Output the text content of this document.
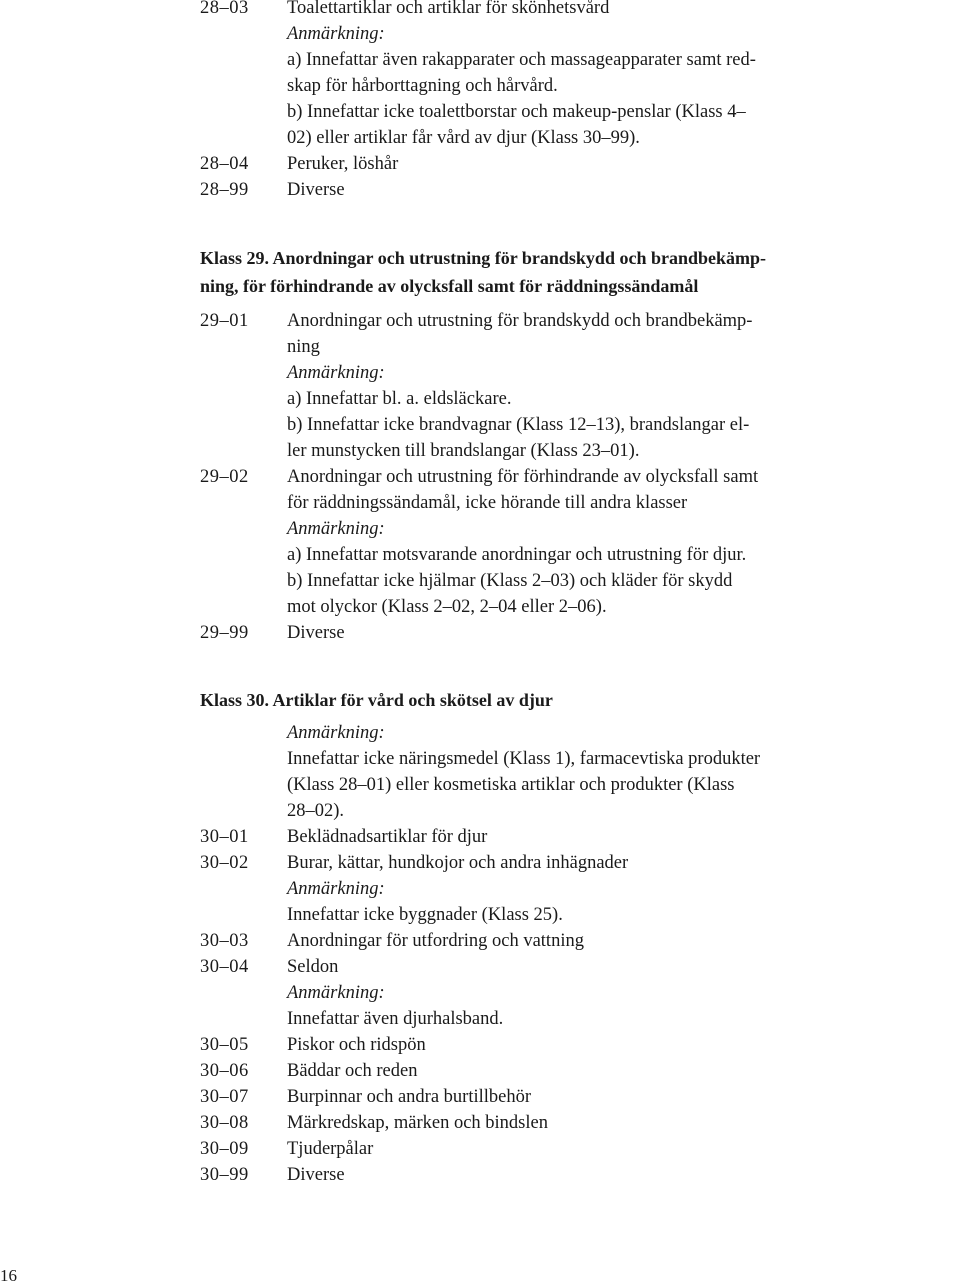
28–03 Toalettartiklar och artiklar för skönhetsvård
Anmärkning:
a) Innefattar även rakapparater och massageapparater samt red-
skap för hårborttagning och hårvård.
b) Innefattar icke toalettborstar och makeup-penslar (Klass 4–
02) eller artiklar får vård av djur (Klass 30–99).
28–04 Peruker, löshår
28–99 Diverse
Klass 29. Anordningar och utrustning för brandskydd och brandbekämp-
ning, för förhindrande av olycksfall samt för räddningssändamål
29–01 Anordningar och utrustning för brandskydd och brandbekämp-
ning
Anmärkning:
a) Innefattar bl. a. eldsläckare.
b) Innefattar icke brandvagnar (Klass 12–13), brandslangar el-
ler munstycken till brandslangar (Klass 23–01).
29–02 Anordningar och utrustning för förhindrande av olycksfall samt
för räddningssändamål, icke hörande till andra klasser
Anmärkning:
a) Innefattar motsvarande anordningar och utrustning för djur.
b) Innefattar icke hjälmar (Klass 2–03) och kläder för skydd
mot olyckor (Klass 2–02, 2–04 eller 2–06).
29–99 Diverse
Klass 30. Artiklar för vård och skötsel av djur
Anmärkning:
Innefattar icke näringsmedel (Klass 1), farmacevtiska produkter
(Klass 28–01) eller kosmetiska artiklar och produkter (Klass
28–02).
30–01 Beklädnadsartiklar för djur
30–02 Burar, kättar, hundkojor och andra inhägnader
Anmärkning:
Innefattar icke byggnader (Klass 25).
30–03 Anordningar för utfordring och vattning
30–04 Seldon
Anmärkning:
Innefattar även djurhalsband.
30–05 Piskor och ridspön
30–06 Bäddar och reden
30–07 Burpinnar och andra burtillbehör
30–08 Märkredskap, märken och bindslen
30–09 Tjuderpålar
30–99 Diverse
16
